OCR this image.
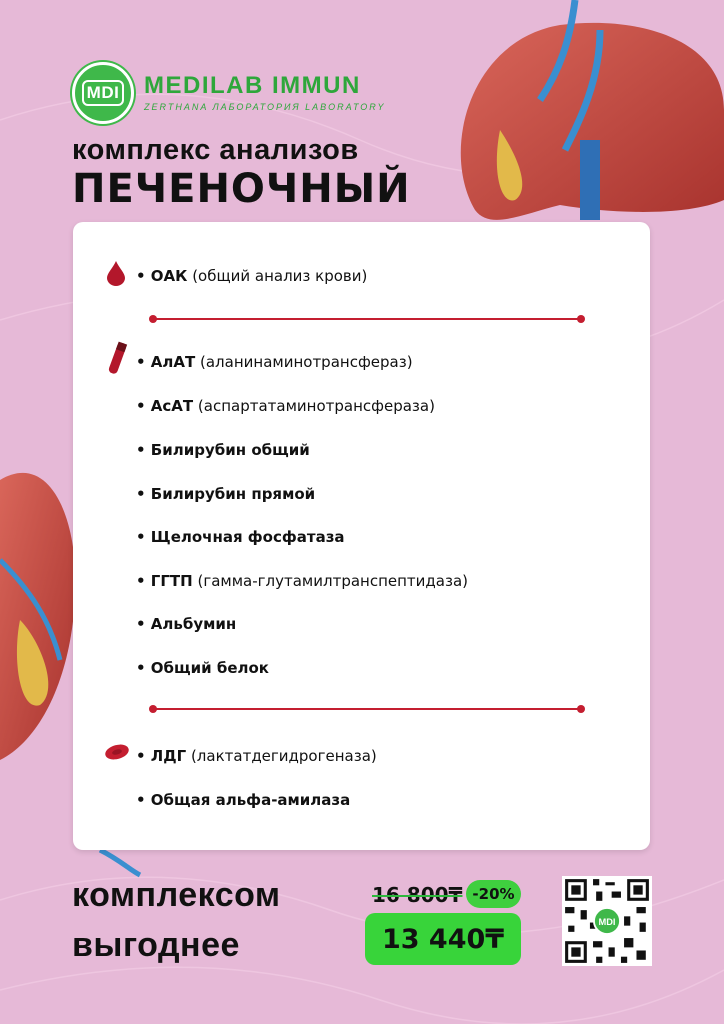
MDI MEDILAB IMMUN
ZERTHANA ЛАБОРАТОРИЯ LABORATORY
комплекс анализов
ПЕЧЕНОЧНЫЙ
• ОАК (общий анализ крови)
• АлАТ (аланинаминотрансфераз)
• АсАТ (аспартатаминотрансфераза)
• Билирубин общий
• Билирубин прямой
• Щелочная фосфатаза
• ГГТП (гамма-глутамилтранспептидаза)
• Альбумин
• Общий белок
• ЛДГ (лактатдегидрогеназа)
• Общая альфа-амилаза
комплексом
выгоднее
16 800₸ -20%
13 440₸
MDI
